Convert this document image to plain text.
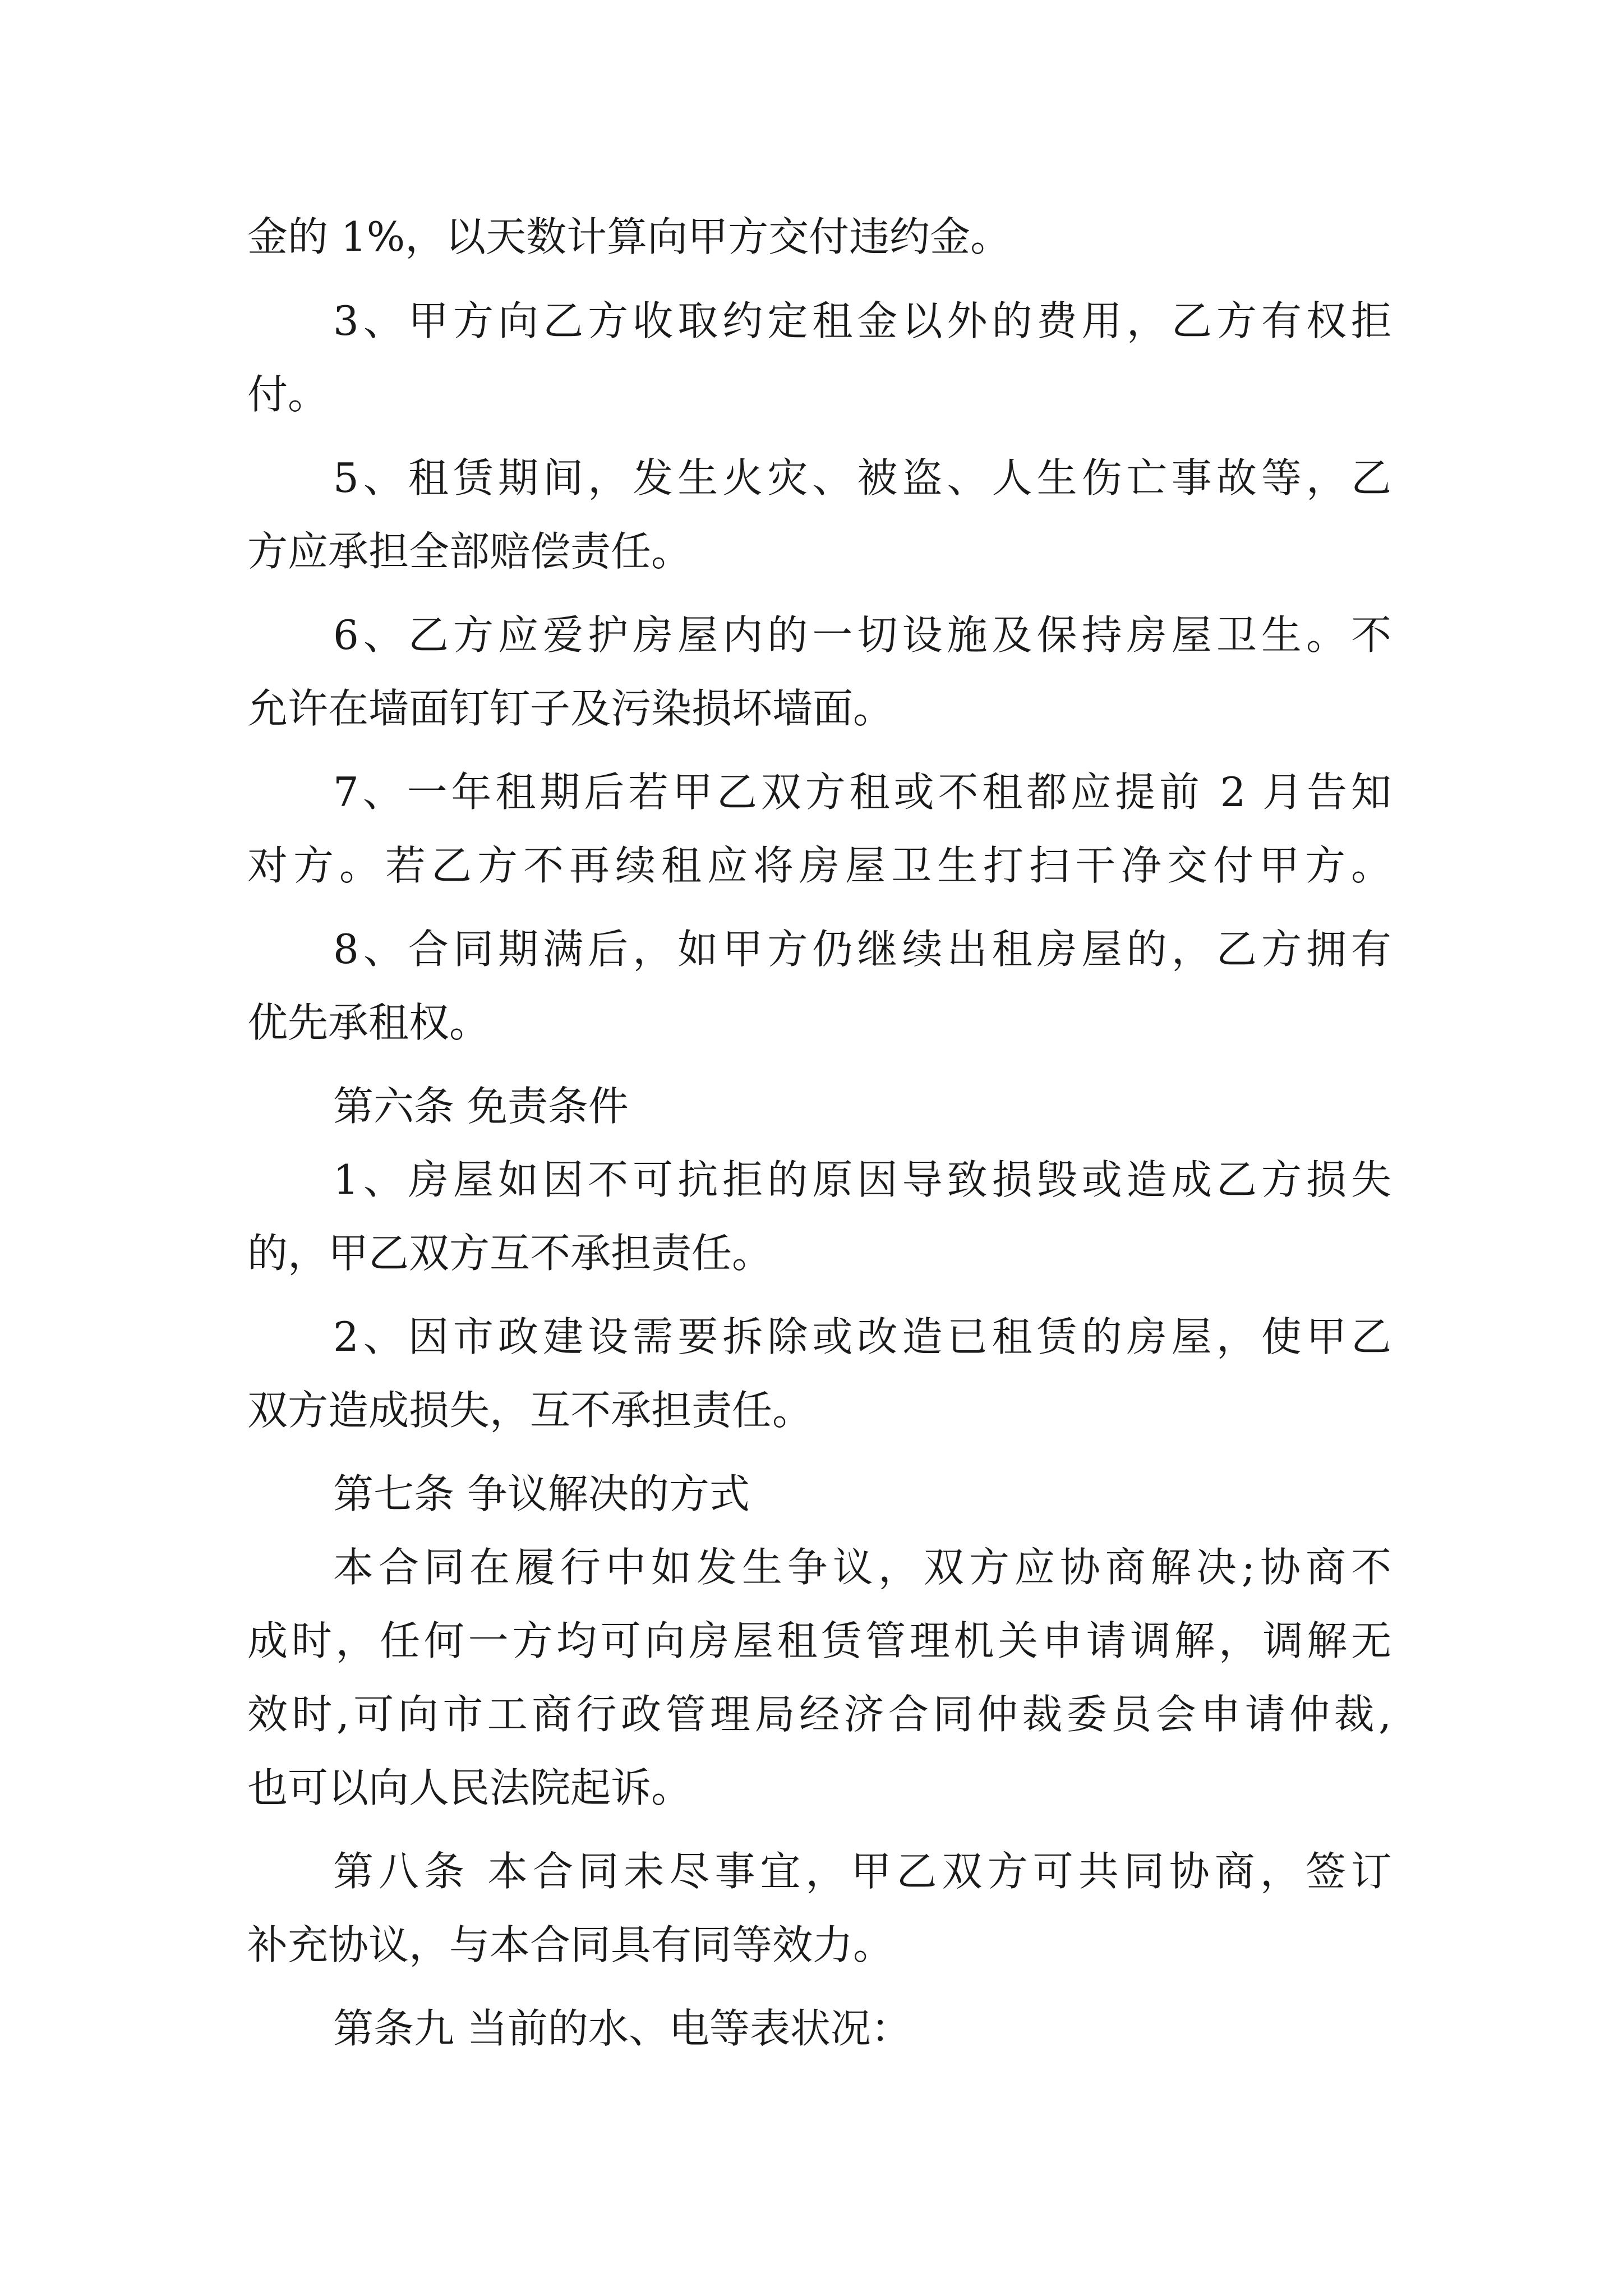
金的 1%，以天数计算向甲方交付违约金。
3、甲方向乙方收取约定租金以外的费用，乙方有权拒
付。
5、租赁期间，发生火灾、被盗、人生伤亡事故等，乙
方应承担全部赔偿责任。
6、乙方应爱护房屋内的一切设施及保持房屋卫生。不
允许在墙面钉钉子及污染损坏墙面。
7、一年租期后若甲乙双方租或不租都应提前 2 月告知
对方。若乙方不再续租应将房屋卫生打扫干净交付甲方。
8、合同期满后，如甲方仍继续出租房屋的，乙方拥有
优先承租权。
第六条 免责条件
1、房屋如因不可抗拒的原因导致损毁或造成乙方损失
的，甲乙双方互不承担责任。
2、因市政建设需要拆除或改造已租赁的房屋，使甲乙
双方造成损失，互不承担责任。
第七条 争议解决的方式
本合同在履行中如发生争议，双方应协商解决;协商不
成时，任何一方均可向房屋租赁管理机关申请调解，调解无
效时,可向市工商行政管理局经济合同仲裁委员会申请仲裁,
也可以向人民法院起诉。
第八条 本合同未尽事宜，甲乙双方可共同协商，签订
补充协议，与本合同具有同等效力。
第条九 当前的水、电等表状况：
